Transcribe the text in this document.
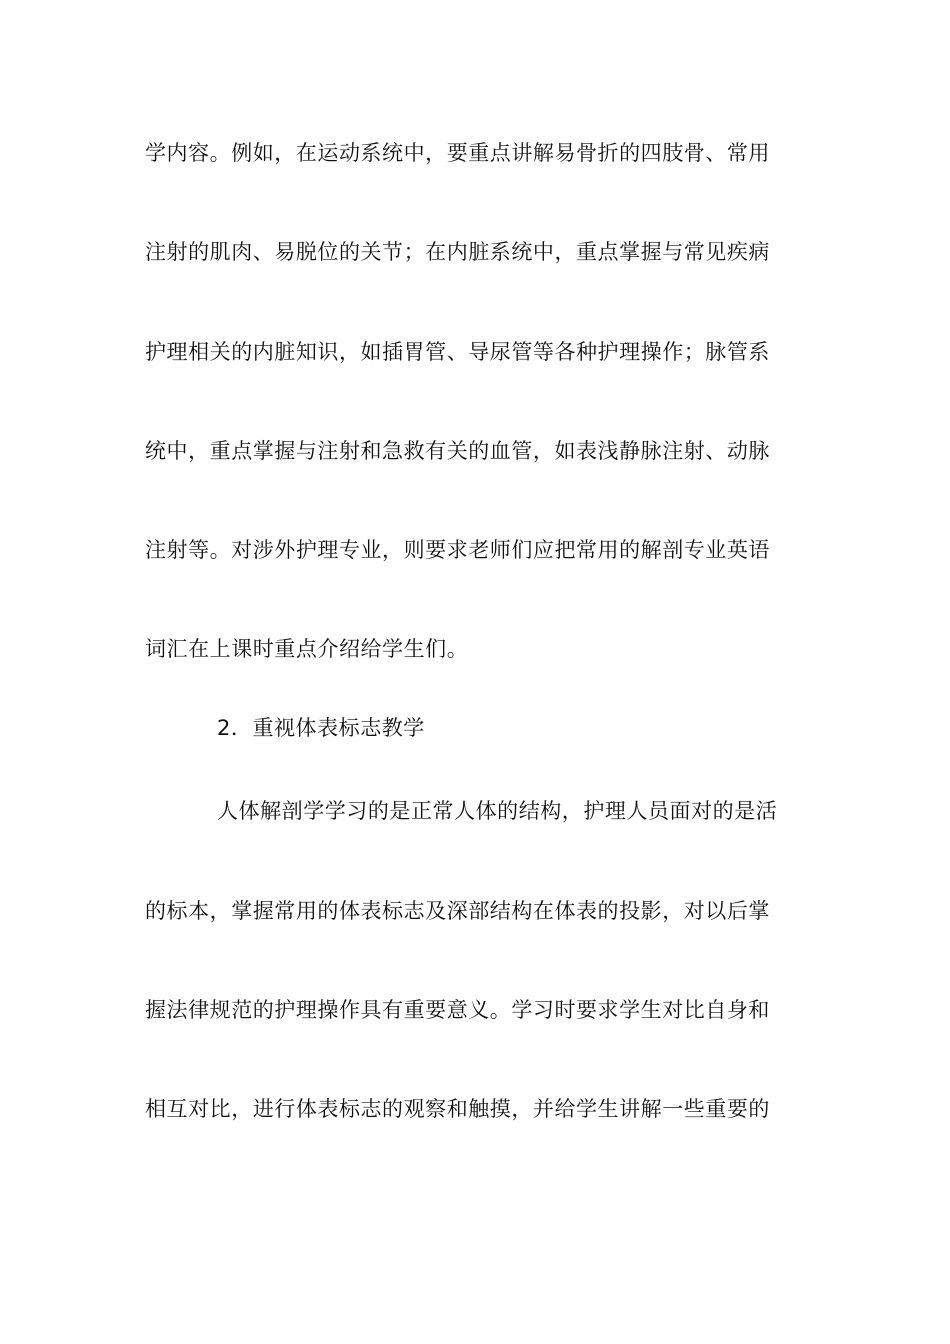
学内容。例如，在运动系统中，要重点讲解易骨折的四肢骨、常用
注射的肌肉、易脱位的关节；在内脏系统中，重点掌握与常见疾病
护理相关的内脏知识，如插胃管、导尿管等各种护理操作；脉管系
统中，重点掌握与注射和急救有关的血管，如表浅静脉注射、动脉
注射等。对涉外护理专业，则要求老师们应把常用的解剖专业英语
词汇在上课时重点介绍给学生们。
2．重视体表标志教学
人体解剖学学习的是正常人体的结构，护理人员面对的是活
的标本，掌握常用的体表标志及深部结构在体表的投影，对以后掌
握法律规范的护理操作具有重要意义。学习时要求学生对比自身和
相互对比，进行体表标志的观察和触摸，并给学生讲解一些重要的
